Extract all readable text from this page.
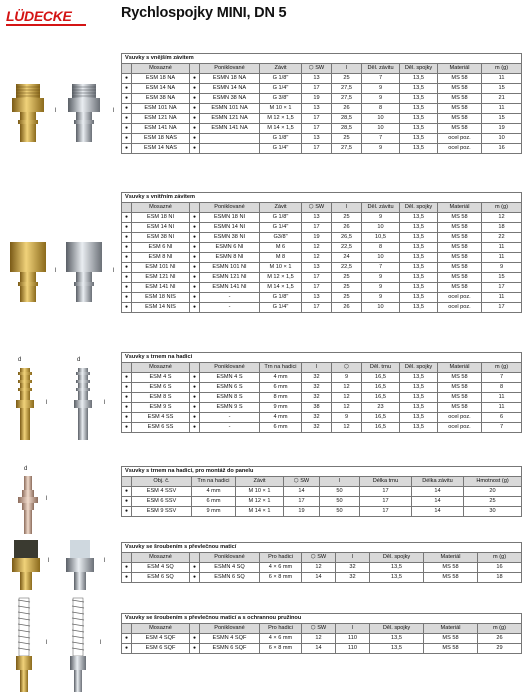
LÜDECKE	Rychlospojky MINI, DN 5
l	l
l	l
d	d
l	l
d
l
l	l
l	l
Vsuvky s vnějším závitem										
	Mosazné		Poniklované	Závit	⬡ SW	l	Děl. závitu	Děl. spojky	Materiál	m (g)
●	ESM 18 NA	●	ESMN 18 NA	G 1/8"	13	25	7	13,5	MS 58	11
●	ESM 14 NA	●	ESMN 14 NA	G 1/4"	17	27,5	9	13,5	MS 58	15
●	ESM 38 NA	●	ESMN 38 NA	G 3/8"	19	27,5	9	13,5	MS 58	21
●	ESM 101 NA	●	ESMN 101 NA	M 10 × 1	13	26	8	13,5	MS 58	11
●	ESM 121 NA	●	ESMN 121 NA	M 12 × 1,5	17	28,5	10	13,5	MS 58	15
●	ESM 141 NA	●	ESMN 141 NA	M 14 × 1,5	17	28,5	10	13,5	MS 58	19
●	ESM 18 NAS	●		G 1/8"	13	25	7	13,5	ocel poz.	10
●	ESM 14 NAS	●		G 1/4"	17	27,5	9	13,5	ocel poz.	16
Vsuvky s vnitřním závitem										
	Mosazné		Poniklované	Závit	⬡ SW	l	Děl. závitu	Děl. spojky	Materiál	m (g)
●	ESM 18 NI	●	ESMN 18 NI	G 1/8"	13	25	9	13,5	MS 58	12
●	ESM 14 NI	●	ESMN 14 NI	G 1/4"	17	26	10	13,5	MS 58	18
●	ESM 38 NI	●	ESMN 38 NI	G3/8"	19	26,5	10,5	13,5	MS 58	22
●	ESM 6 NI	●	ESMN 6 NI	M 6	12	22,5	8	13,5	MS 58	11
●	ESM 8 NI	●	ESMN 8 NI	M 8	12	24	10	13,5	MS 58	11
●	ESM 101 NI	●	ESMN 101 NI	M 10 × 1	13	22,5	7	13,5	MS 58	9
●	ESM 121 NI	●	ESMN 121 NI	M 12 × 1,5	17	25	9	13,5	MS 58	15
●	ESM 141 NI	●	ESMN 141 NI	M 14 × 1,5	17	25	9	13,5	MS 58	17
●	ESM 18 NIS	●	-	G 1/8"	13	25	9	13,5	ocel poz.	11
●	ESM 14 NIS	●	-	G 1/4"	17	26	10	13,5	ocel poz.	17
Vsuvky s trnem na hadici										
	Mosazné		Poniklované	Trn na hadici	l	⬡	Děl. trnu	Děl. spojky	Materiál	m (g)
●	ESM 4 S	●	ESMN 4 S	4 mm	32	9	16,5	13,5	MS 58	7
●	ESM 6 S	●	ESMN 6 S	6 mm	32	12	16,5	13,5	MS 58	8
●	ESM 8 S	●	ESMN 8 S	8 mm	32	12	16,5	13,5	MS 58	11
●	ESM 9 S	●	ESMN 9 S	9 mm	38	12	23	13,5	MS 58	11
●	ESM 4 SS	●	-	4 mm	32	9	16,5	13,5	ocel poz.	6
●	ESM 6 SS	●	-	6 mm	32	12	16,5	13,5	ocel poz.	7
Vsuvky s trnem na hadici, pro montáž do panelu								
	Obj. č.	Trn na hadici	Závit	⬡ SW	l	Délka trnu	Délka závitu	Hmotnost (g)
●	ESM 4 SSV	4 mm	M 10 × 1	14	50	17	14	20
●	ESM 6 SSV	6 mm	M 12 × 1	17	50	17	14	25
●	ESM 9 SSV	9 mm	M 14 × 1	19	50	17	14	30
Vsuvky se šroubením s převlečnou maticí									
	Mosazné		Poniklované	Pro hadici	⬡ SW	l	Děl. spojky	Materiál	m (g)
●	ESM 4 SQ	●	ESMN 4 SQ	4 × 6 mm	12	32	13,5	MS 58	16
●	ESM 6 SQ	●	ESMN 6 SQ	6 × 8 mm	14	32	13,5	MS 58	18
Vsuvky se šroubením s převlečnou maticí a s ochrannou pružinou									
	Mosazné		Poniklované	Pro hadici	⬡ SW	l	Děl. spojky	Materiál	m (g)
●	ESM 4 SQF	●	ESMN 4 SQF	4 × 6 mm	12	110	13,5	MS 58	26
●	ESM 6 SQF	●	ESMN 6 SQF	6 × 8 mm	14	110	13,5	MS 58	29
